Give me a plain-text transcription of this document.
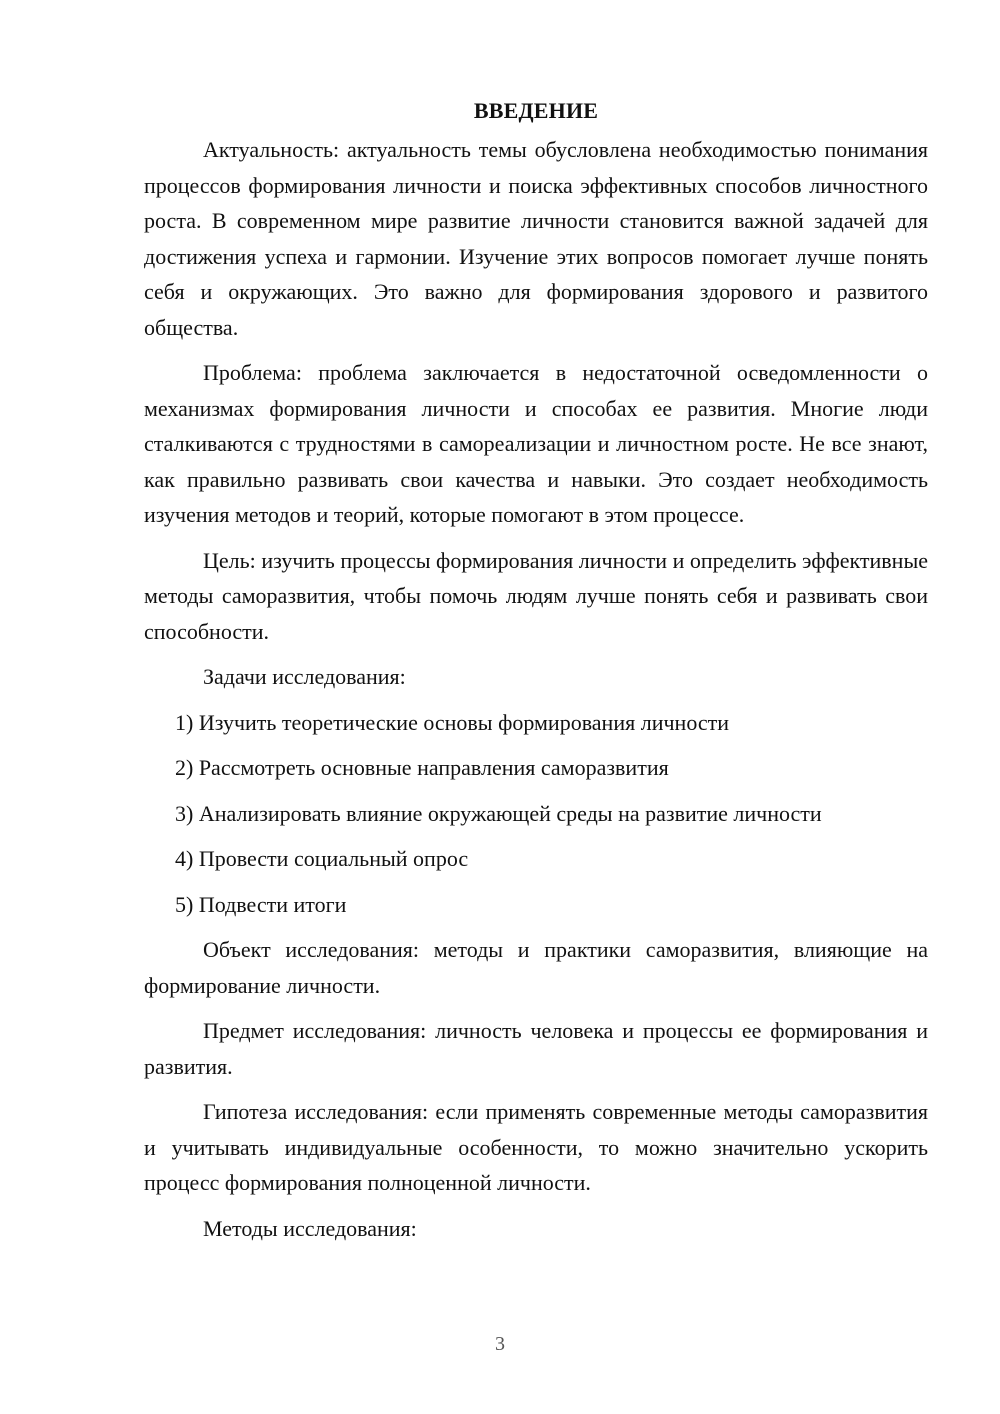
ВВЕДЕНИЕ

Актуальность: актуальность темы обусловлена необходимостью понимания процессов формирования личности и поиска эффективных способов личностного роста. В современном мире развитие личности становится важной задачей для достижения успеха и гармонии. Изучение этих вопросов помогает лучше понять себя и окружающих. Это важно для формирования здорового и развитого общества.

Проблема: проблема заключается в недостаточной осведомленности о механизмах формирования личности и способах ее развития. Многие люди сталкиваются с трудностями в самореализации и личностном росте. Не все знают, как правильно развивать свои качества и навыки. Это создает необходимость изучения методов и теорий, которые помогают в этом процессе.

Цель: изучить процессы формирования личности и определить эффективные методы саморазвития, чтобы помочь людям лучше понять себя и развивать свои способности.

Задачи исследования:

1) Изучить теоретические основы формирования личности
2) Рассмотреть основные направления саморазвития
3) Анализировать влияние окружающей среды на развитие личности
4) Провести социальный опрос
5) Подвести итоги

Объект исследования: методы и практики саморазвития, влияющие на формирование личности.

Предмет исследования: личность человека и процессы ее формирования и развития.

Гипотеза исследования: если применять современные методы саморазвития и учитывать индивидуальные особенности, то можно значительно ускорить процесс формирования полноценной личности.

Методы исследования:

3
